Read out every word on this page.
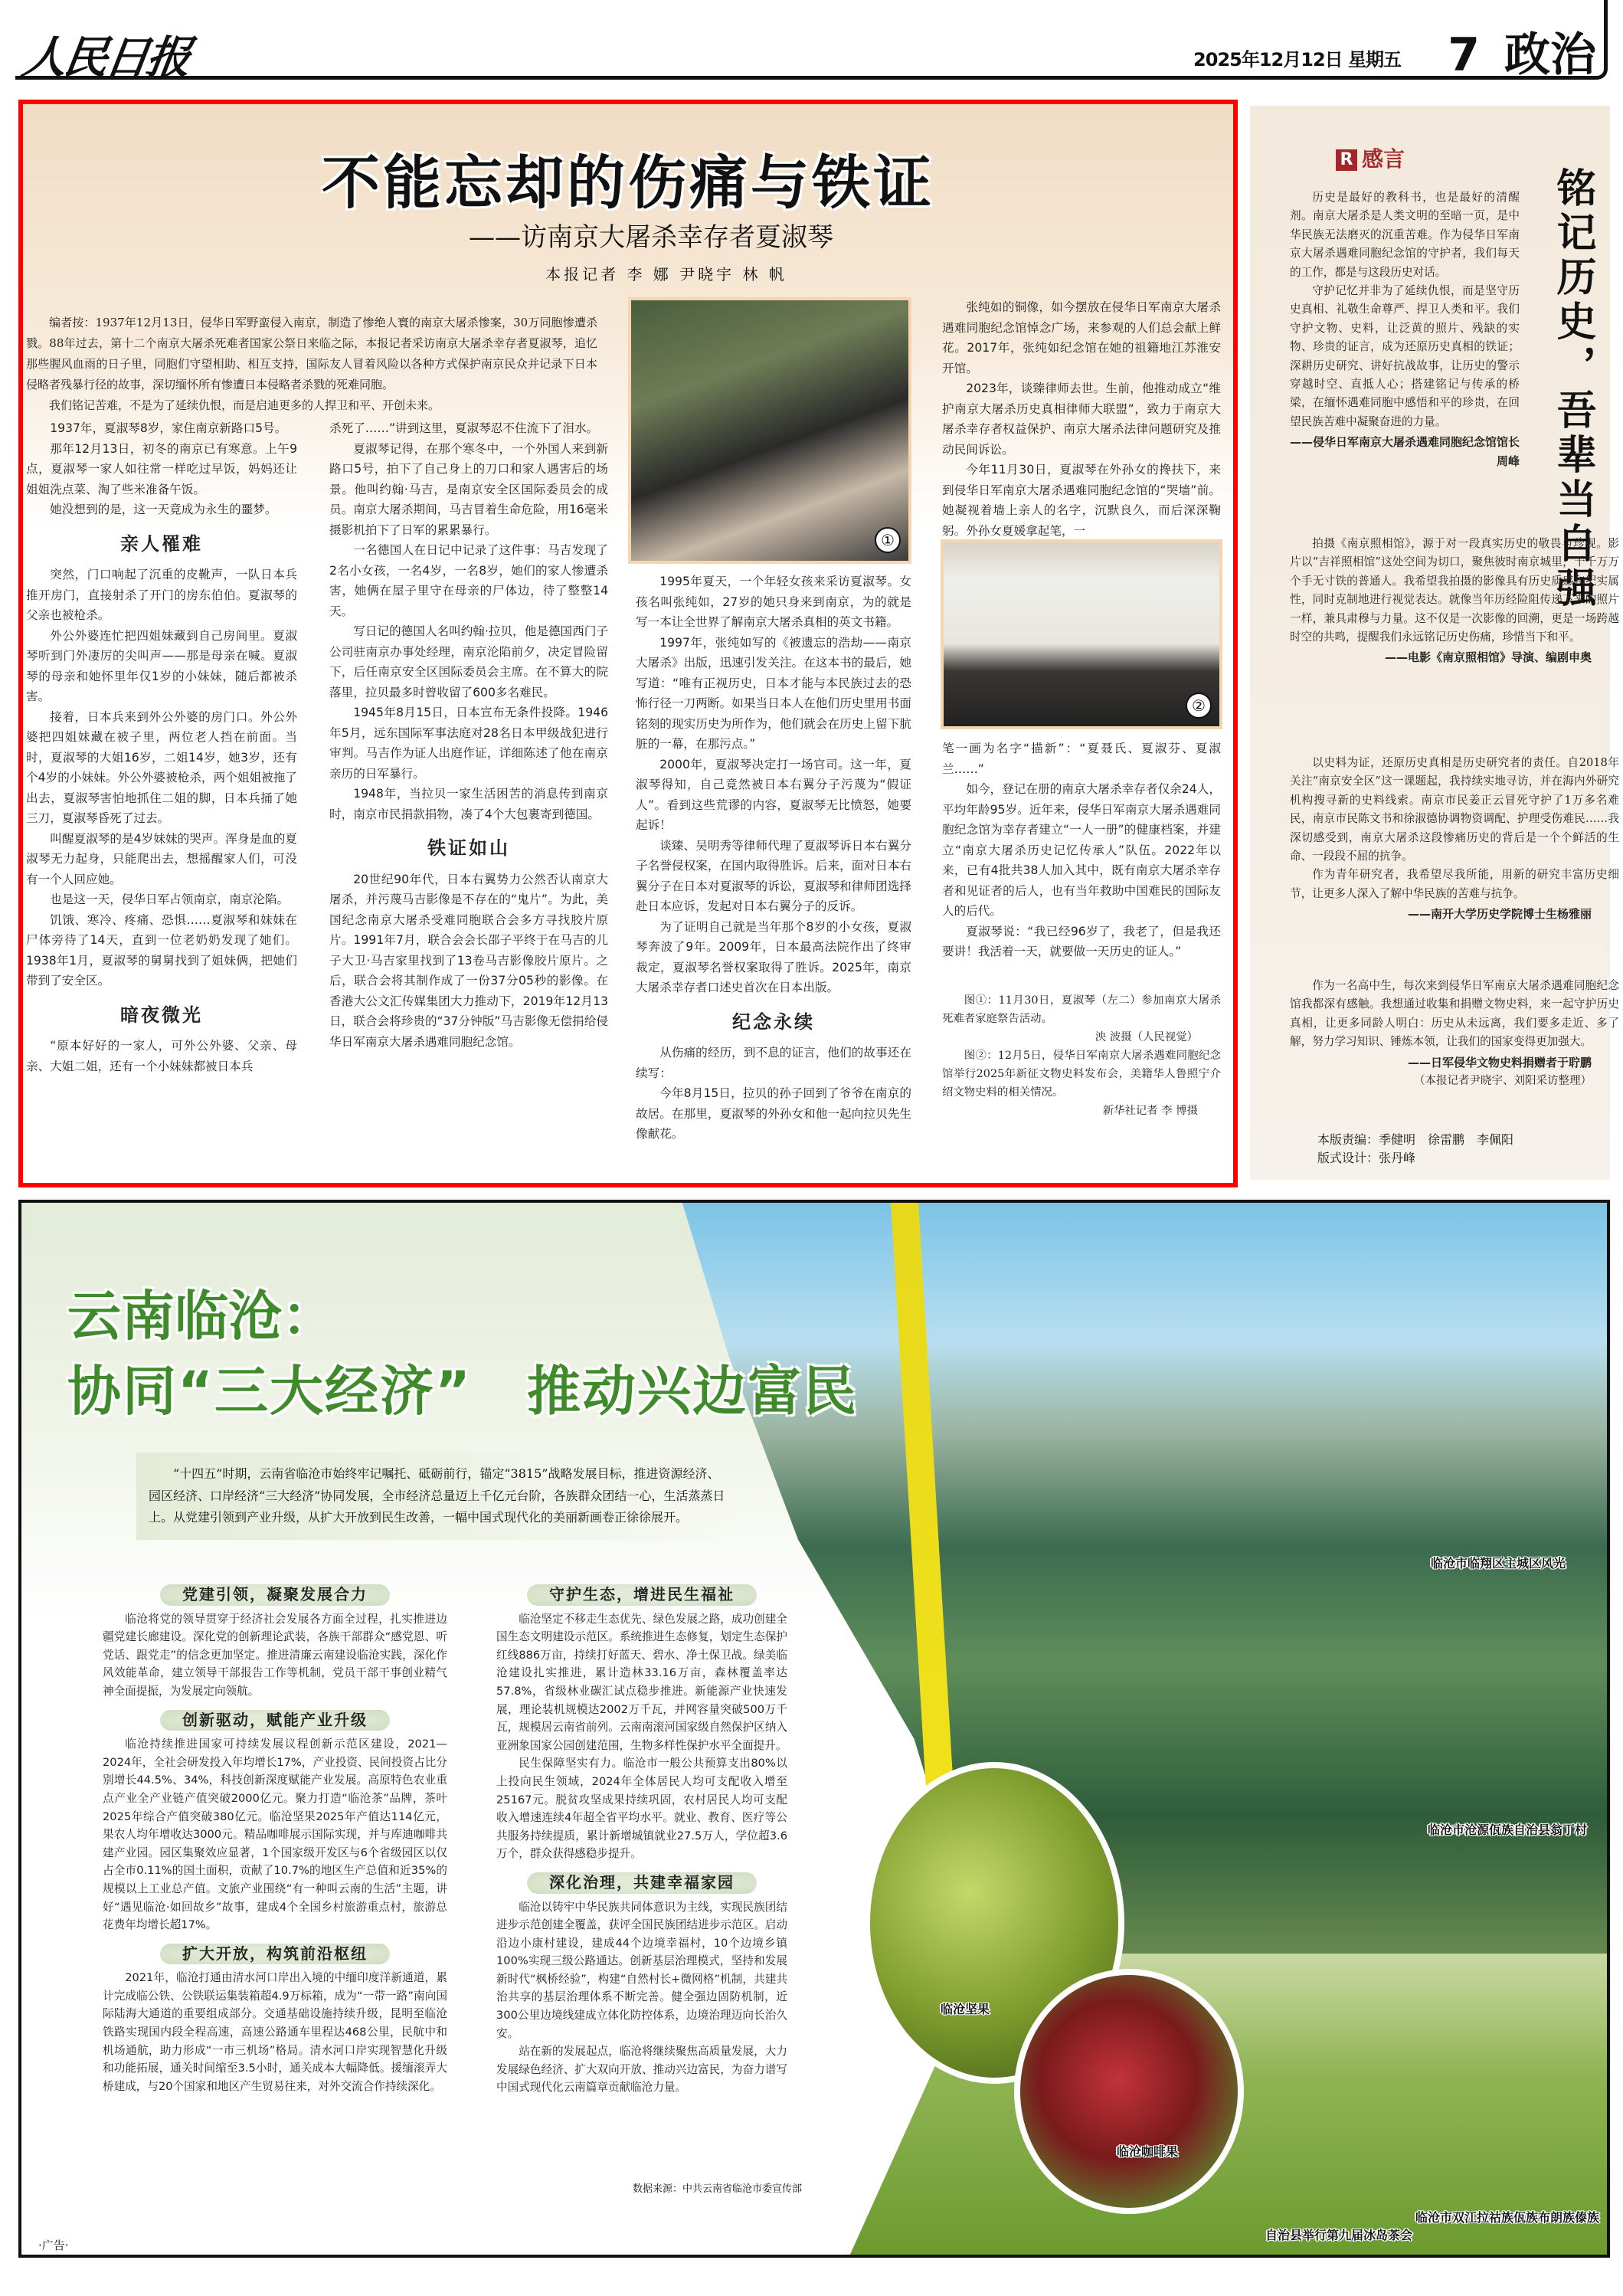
人民日报	2025年12月12日 星期五 7 政治
不能忘却的伤痛与铁证
——访南京大屠杀幸存者夏淑琴
本报记者 李 娜 尹晓宇 林 帆

编者按：1937年12月13日，侵华日军野蛮侵入南京，制造了惨绝人寰的南京大屠杀惨案，30万同胞惨遭杀戮。88年过去，第十二个南京大屠杀死难者国家公祭日来临之际，本报记者采访南京大屠杀幸存者夏淑琴，追忆那些腥风血雨的日子里，同胞们守望相助、相互支持，国际友人冒着风险以各种方式保护南京民众并记录下日本侵略者残暴行径的故事，深切缅怀所有惨遭日本侵略者杀戮的死难同胞。

我们铭记苦难，不是为了延续仇恨，而是启迪更多的人捍卫和平、开创未来。

1937年，夏淑琴8岁，家住南京新路口5号。

那年12月13日，初冬的南京已有寒意。上午9点，夏淑琴一家人如往常一样吃过早饭，妈妈还让姐姐洗点菜、淘了些米准备午饭。

她没想到的是，这一天竟成为永生的噩梦。

亲人罹难

突然，门口响起了沉重的皮靴声，一队日本兵推开房门，直接射杀了开门的房东伯伯。夏淑琴的父亲也被枪杀。

外公外婆连忙把四姐妹藏到自己房间里。夏淑琴听到门外凄厉的尖叫声——那是母亲在喊。夏淑琴的母亲和她怀里年仅1岁的小妹妹，随后都被杀害。

接着，日本兵来到外公外婆的房门口。外公外婆把四姐妹藏在被子里，两位老人挡在前面。当时，夏淑琴的大姐16岁，二姐14岁，她3岁，还有个4岁的小妹妹。外公外婆被枪杀，两个姐姐被拖了出去，夏淑琴害怕地抓住二姐的脚，日本兵捅了她三刀，夏淑琴昏死了过去。

叫醒夏淑琴的是4岁妹妹的哭声。浑身是血的夏淑琴无力起身，只能爬出去，想摇醒家人们，可没有一个人回应她。

也是这一天，侵华日军占领南京，南京沦陷。

饥饿、寒冷、疼痛、恐惧……夏淑琴和妹妹在尸体旁待了14天，直到一位老奶奶发现了她们。1938年1月，夏淑琴的舅舅找到了姐妹俩，把她们带到了安全区。

暗夜微光

“原本好好的一家人，可外公外婆、父亲、母亲、大姐二姐，还有一个小妹妹都被日本兵

杀死了……”讲到这里，夏淑琴忍不住流下了泪水。

夏淑琴记得，在那个寒冬中，一个外国人来到新路口5号，拍下了自己身上的刀口和家人遇害后的场景。他叫约翰·马吉，是南京安全区国际委员会的成员。南京大屠杀期间，马吉冒着生命危险，用16毫米摄影机拍下了日军的累累暴行。

一名德国人在日记中记录了这件事：马吉发现了2名小女孩，一名4岁，一名8岁，她们的家人惨遭杀害，她俩在屋子里守在母亲的尸体边，待了整整14天。

写日记的德国人名叫约翰·拉贝，他是德国西门子公司驻南京办事处经理，南京沦陷前夕，决定冒险留下，后任南京安全区国际委员会主席。在不算大的院落里，拉贝最多时曾收留了600多名难民。

1945年8月15日，日本宣布无条件投降。1946年5月，远东国际军事法庭对28名日本甲级战犯进行审判。马吉作为证人出庭作证，详细陈述了他在南京亲历的日军暴行。

1948年，当拉贝一家生活困苦的消息传到南京时，南京市民捐款捐物，凑了4个大包裹寄到德国。

铁证如山

20世纪90年代，日本右翼势力公然否认南京大屠杀，并污蔑马吉影像是不存在的“鬼片”。为此，美国纪念南京大屠杀受难同胞联合会多方寻找胶片原片。1991年7月，联合会会长邵子平终于在马吉的儿子大卫·马吉家里找到了13卷马吉影像胶片原片。之后，联合会将其制作成了一份37分05秒的影像。在香港大公文汇传媒集团大力推动下，2019年12月13日，联合会将珍贵的“37分钟版”马吉影像无偿捐给侵华日军南京大屠杀遇难同胞纪念馆。

①

1995年夏天，一个年轻女孩来采访夏淑琴。女孩名叫张纯如，27岁的她只身来到南京，为的就是写一本让全世界了解南京大屠杀真相的英文书籍。

1997年，张纯如写的《被遗忘的浩劫——南京大屠杀》出版，迅速引发关注。在这本书的最后，她写道：“唯有正视历史，日本才能与本民族过去的恐怖行径一刀两断。如果当日本人在他们历史里用书面铭刻的现实历史为所作为，他们就会在历史上留下肮脏的一幕，在那污点。”

2000年，夏淑琴决定打一场官司。这一年，夏淑琴得知，自己竟然被日本右翼分子污蔑为“假证人”。看到这些荒谬的内容，夏淑琴无比愤怒，她要起诉！

谈臻、吴明秀等律师代理了夏淑琴诉日本右翼分子名誉侵权案，在国内取得胜诉。后来，面对日本右翼分子在日本对夏淑琴的诉讼，夏淑琴和律师团选择赴日本应诉，发起对日本右翼分子的反诉。

为了证明自己就是当年那个8岁的小女孩，夏淑琴奔波了9年。2009年，日本最高法院作出了终审裁定，夏淑琴名誉权案取得了胜诉。2025年，南京大屠杀幸存者口述史首次在日本出版。

纪念永续

从伤痛的经历，到不息的证言，他们的故事还在续写：

今年8月15日，拉贝的孙子回到了爷爷在南京的故居。在那里，夏淑琴的外孙女和他一起向拉贝先生像献花。

张纯如的铜像，如今摆放在侵华日军南京大屠杀遇难同胞纪念馆悼念广场，来参观的人们总会献上鲜花。2017年，张纯如纪念馆在她的祖籍地江苏淮安开馆。

2023年，谈臻律师去世。生前，他推动成立“维护南京大屠杀历史真相律师大联盟”，致力于南京大屠杀幸存者权益保护、南京大屠杀法律问题研究及推动民间诉讼。

今年11月30日，夏淑琴在外孙女的搀扶下，来到侵华日军南京大屠杀遇难同胞纪念馆的“哭墙”前。她凝视着墙上亲人的名字，沉默良久，而后深深鞠躬。外孙女夏媛拿起笔，一

②

笔一画为名字“描新”：“夏聂氏、夏淑芬、夏淑兰……”

如今，登记在册的南京大屠杀幸存者仅余24人，平均年龄95岁。近年来，侵华日军南京大屠杀遇难同胞纪念馆为幸存者建立“一人一册”的健康档案，并建立“南京大屠杀历史记忆传承人”队伍。2022年以来，已有4批共38人加入其中，既有南京大屠杀幸存者和见证者的后人，也有当年救助中国难民的国际友人的后代。

夏淑琴说：“我已经96岁了，我老了，但是我还要讲！我活着一天，就要做一天历史的证人。”

图①：11月30日，夏淑琴（左二）参加南京大屠杀死难者家庭祭告活动。

泱 波摄（人民视觉）

图②：12月5日，侵华日军南京大屠杀遇难同胞纪念馆举行2025年新征文物史料发布会，美籍华人鲁照宁介绍文物史料的相关情况。

新华社记者 李 博摄
R 感言
铭记历史，吾辈当自强

历史是最好的教科书，也是最好的清醒剂。南京大屠杀是人类文明的至暗一页，是中华民族无法磨灭的沉重苦难。作为侵华日军南京大屠杀遇难同胞纪念馆的守护者，我们每天的工作，都是与这段历史对话。

守护记忆并非为了延续仇恨，而是坚守历史真相、礼敬生命尊严、捍卫人类和平。我们守护文物、史料，让泛黄的照片、残缺的实物、珍贵的证言，成为还原历史真相的铁证；深耕历史研究、讲好抗战故事，让历史的警示穿越时空、直抵人心；搭建铭记与传承的桥梁，在缅怀遇难同胞中感悟和平的珍贵，在回望民族苦难中凝聚奋进的力量。

——侵华日军南京大屠杀遇难同胞纪念馆馆长周峰

拍摄《南京照相馆》，源于对一段真实历史的敬畏与珍视。影片以“吉祥照相馆”这处空间为切口，聚焦彼时南京城里，千千万万个手无寸铁的普通人。我希望我拍摄的影像具有历史质感和纪实属性，同时克制地进行视觉表达。就像当年历经险阻传递下来的照片一样，兼具肃穆与力量。这不仅是一次影像的回溯，更是一场跨越时空的共鸣，提醒我们永远铭记历史伤痛，珍惜当下和平。

——电影《南京照相馆》导演、编剧申奥

以史料为证，还原历史真相是历史研究者的责任。自2018年关注“南京安全区”这一课题起，我持续实地寻访，并在海内外研究机构搜寻新的史料线索。南京市民姜正云冒死守护了1万多名难民，南京市民陈文书和徐淑德协调物资调配、护理受伤难民……我深切感受到，南京大屠杀这段惨痛历史的背后是一个个鲜活的生命、一段段不屈的抗争。

作为青年研究者，我希望尽我所能，用新的研究丰富历史细节，让更多人深入了解中华民族的苦难与抗争。

——南开大学历史学院博士生杨雅丽

作为一名高中生，每次来到侵华日军南京大屠杀遇难同胞纪念馆我都深有感触。我想通过收集和捐赠文物史料，来一起守护历史真相，让更多同龄人明白：历史从未远离，我们要多走近、多了解，努力学习知识、锤炼本领，让我们的国家变得更加强大。

——日军侵华文物史料捐赠者于聍鹏
（本报记者尹晓宇、刘阳采访整理）
本版责编：季健明　徐雷鹏　李佩阳
版式设计：张丹峰
云南临沧：
协同“三大经济”　推动兴边富民
“十四五”时期，云南省临沧市始终牢记嘱托、砥砺前行，锚定“3815”战略发展目标，推进资源经济、园区经济、口岸经济“三大经济”协同发展，全市经济总量迈上千亿元台阶，各族群众团结一心，生活蒸蒸日上。从党建引领到产业升级，从扩大开放到民生改善，一幅中国式现代化的美丽新画卷正徐徐展开。
党建引领，凝聚发展合力

临沧将党的领导贯穿于经济社会发展各方面全过程，扎实推进边疆党建长廊建设。深化党的创新理论武装，各族干部群众“感党恩、听党话、跟党走”的信念更加坚定。推进清廉云南建设临沧实践，深化作风效能革命，建立领导干部报告工作等机制，党员干部干事创业精气神全面提振，为发展定向领航。

创新驱动，赋能产业升级

临沧持续推进国家可持续发展议程创新示范区建设，2021—2024年，全社会研发投入年均增长17%，产业投资、民间投资占比分别增长44.5%、34%，科技创新深度赋能产业发展。高原特色农业重点产业全产业链产值突破2000亿元。聚力打造“临沧茶”品牌，茶叶2025年综合产值突破380亿元。临沧坚果2025年产值达114亿元，果农人均年增收达3000元。精品咖啡展示国际实现，并与库迪咖啡共建产业园。园区集聚效应显著，1个国家级开发区与6个省级园区以仅占全市0.11%的国土面积，贡献了10.7%的地区生产总值和近35%的规模以上工业总产值。文旅产业围绕“有一种叫云南的生活”主题，讲好“遇见临沧·如回故乡”故事，建成4个全国乡村旅游重点村，旅游总花费年均增长超17%。

扩大开放，构筑前沿枢纽

2021年，临沧打通由清水河口岸出入境的中缅印度洋新通道，累计完成临公铁、公铁联运集装箱超4.9万标箱，成为“一带一路”南向国际陆海大通道的重要组成部分。交通基础设施持续升级，昆明至临沧铁路实现国内段全程高速，高速公路通车里程达468公里，民航中和机场通航，助力形成“一市三机场”格局。清水河口岸实现智慧化升级和功能拓展，通关时间缩至3.5小时，通关成本大幅降低。援缅滚弄大桥建成，与20个国家和地区产生贸易往来，对外交流合作持续深化。

守护生态，增进民生福祉

临沧坚定不移走生态优先、绿色发展之路，成功创建全国生态文明建设示范区。系统推进生态修复，划定生态保护红线886万亩，持续打好蓝天、碧水、净土保卫战。绿美临沧建设扎实推进，累计造林33.16万亩，森林覆盖率达57.8%，省级林业碳汇试点稳步推进。新能源产业快速发展，理论装机规模达2002万千瓦，并网容量突破500万千瓦，规模居云南省前列。云南南滚河国家级自然保护区纳入亚洲象国家公园创建范围，生物多样性保护水平全面提升。

民生保障坚实有力。临沧市一般公共预算支出80%以上投向民生领域，2024年全体居民人均可支配收入增至25167元。脱贫攻坚成果持续巩固，农村居民人均可支配收入增速连续4年超全省平均水平。就业、教育、医疗等公共服务持续提质，累计新增城镇就业27.5万人，学位超3.6万个，群众获得感稳步提升。

深化治理，共建幸福家园

临沧以铸牢中华民族共同体意识为主线，实现民族团结进步示范创建全覆盖，获评全国民族团结进步示范区。启动沿边小康村建设，建成44个边境幸福村，10个边境乡镇100%实现三级公路通达。创新基层治理模式，坚持和发展新时代“枫桥经验”，构建“自然村长+微网格”机制，共建共治共享的基层治理体系不断完善。健全强边固防机制，近300公里边境线建成立体化防控体系，边境治理迈向长治久安。

站在新的发展起点，临沧将继续聚焦高质量发展，大力发展绿色经济、扩大双向开放、推动兴边富民，为奋力谱写中国式现代化云南篇章贡献临沧力量。

临沧市临翔区主城区风光
临沧市沧源佤族自治县翁丁村
临沧坚果
临沧咖啡果
临沧市双江拉祜族佤族布朗族傣族
自治县举行第九届冰岛茶会
数据来源：中共云南省临沧市委宣传部
·广告·
